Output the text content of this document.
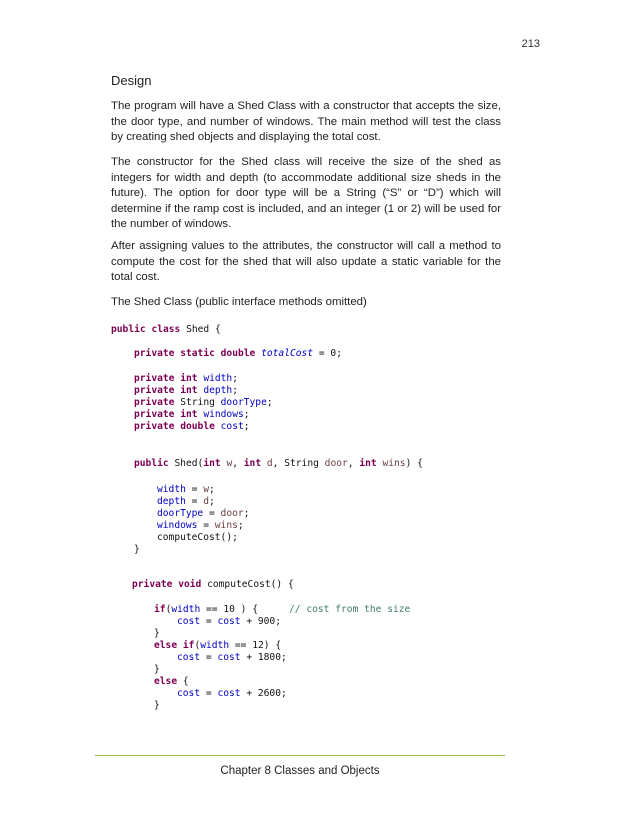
213
Design

The program will have a Shed Class with a constructor that accepts the size, the door type, and number of windows. The main method will test the class by creating shed objects and displaying the total cost.

The constructor for the Shed class will receive the size of the shed as integers for width and depth (to accommodate additional size sheds in the future). The option for door type will be a String (“S” or “D”) which will determine if the ramp cost is included, and an integer (1 or 2) will be used for the number of windows.

After assigning values to the attributes, the constructor will call a method to compute the cost for the shed that will also update a static variable for the total cost.

The Shed Class (public interface methods omitted)

public class Shed {
private static double totalCost = 0;
private int width;
private int depth;
private String doorType;
private int windows;
private double cost;
public Shed(int w, int d, String door, int wins) {
width = w;
depth = d;
doorType = door;
windows = wins;
computeCost();
}
private void computeCost() {
if(width == 10 ) {	// cost from the size
cost = cost + 900;
}
else if(width == 12) {
cost = cost + 1800;
}
else {
cost = cost + 2600;
}
Chapter 8 Classes and Objects
